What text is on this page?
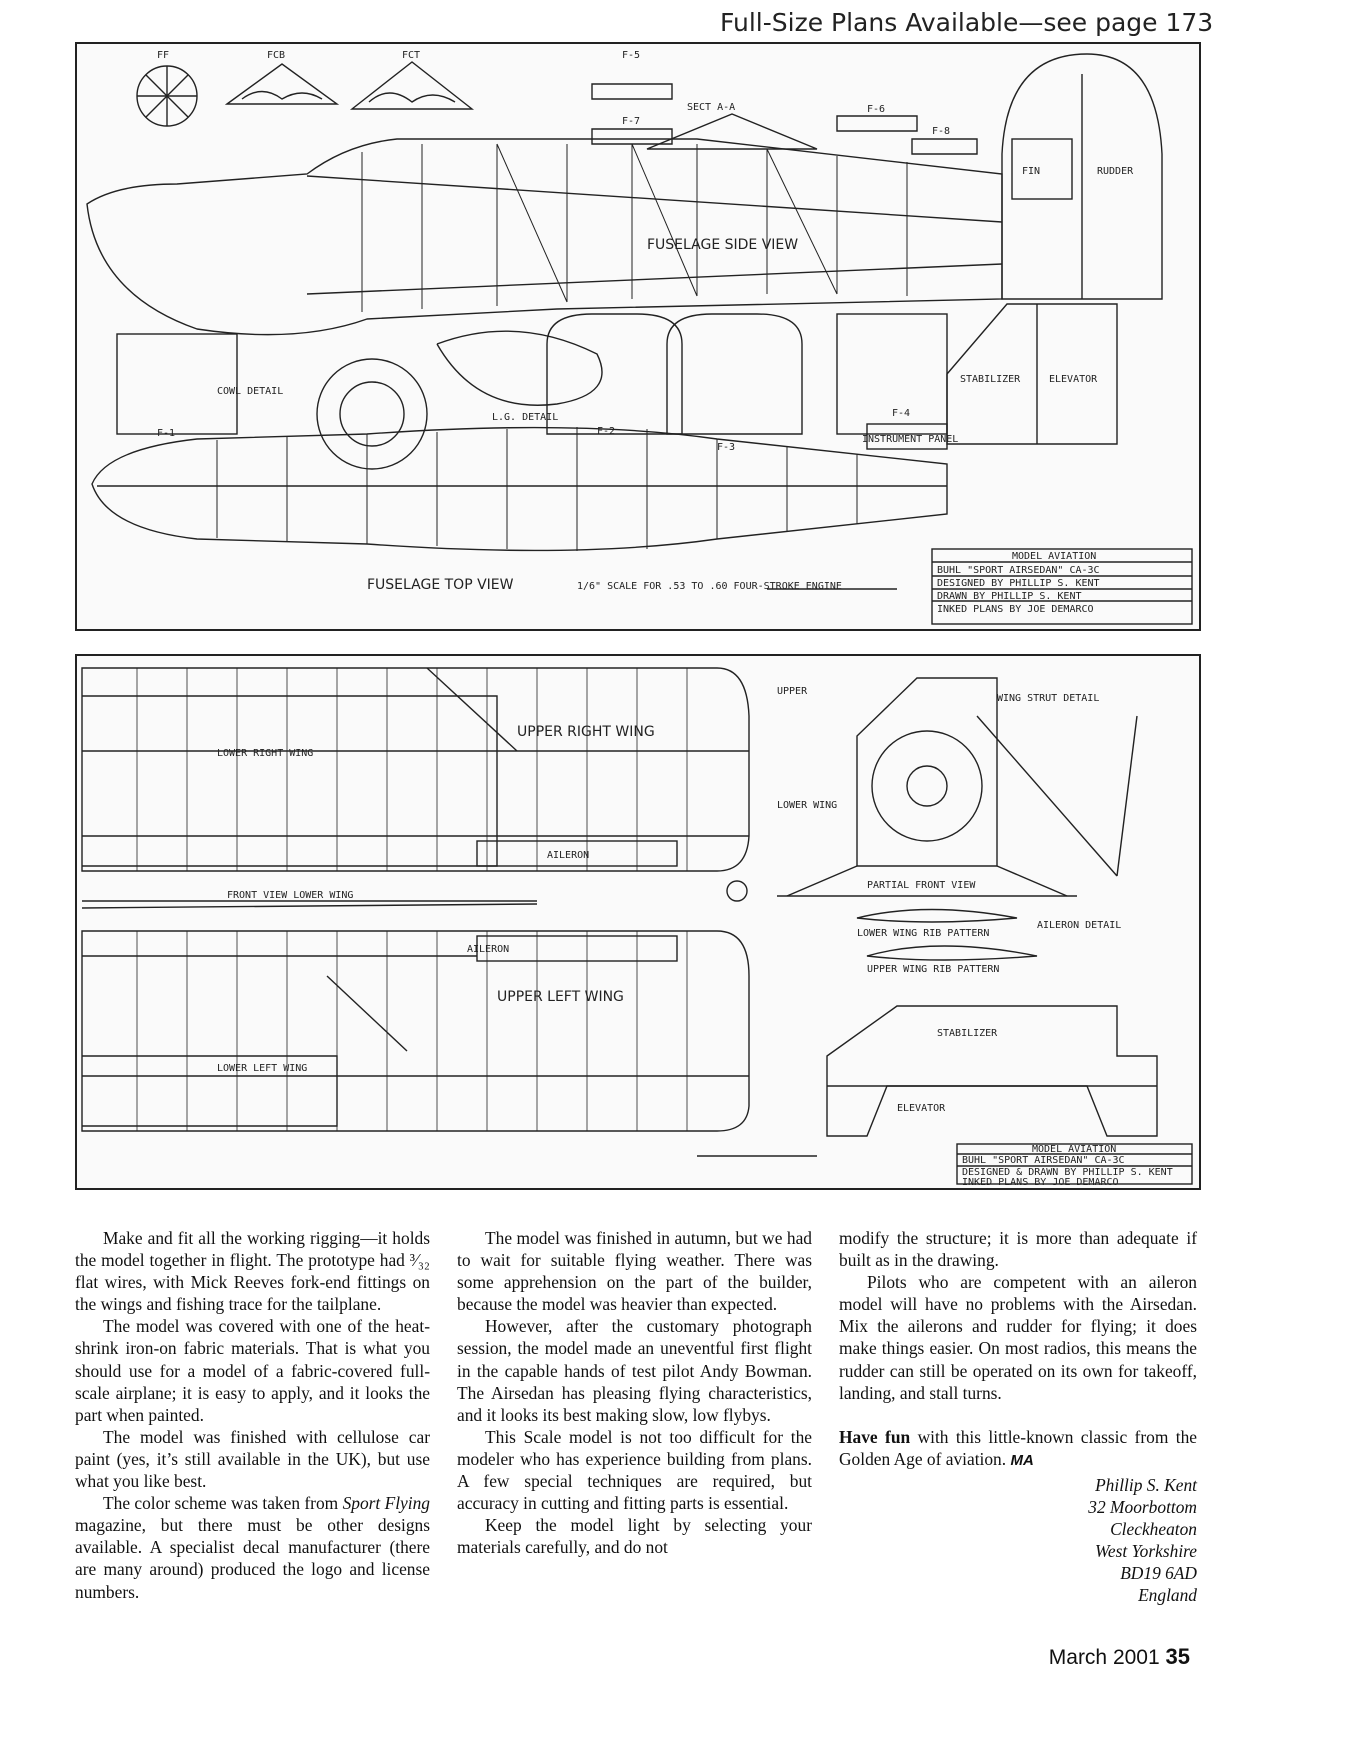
Full-Size Plans Available—see page 173
FF	FCB	FCT	F-5
F-7
F-6
F-8
SECT A-A
FIN	RUDDER
FUSELAGE SIDE VIEW
COWL DETAIL
L.G. DETAIL
F-1	F-2
F-3
F-4
INSTRUMENT PANEL
STABILIZER	ELEVATOR
FUSELAGE TOP VIEW	1/6" SCALE FOR .53 TO .60 FOUR-STROKE ENGINE
MODEL AVIATION
BUHL "SPORT AIRSEDAN" CA-3C
DESIGNED BY PHILLIP S. KENT
DRAWN BY PHILLIP S. KENT
INKED PLANS BY JOE DEMARCO
UPPER RIGHT WING
LOWER RIGHT WING
AILERON
FRONT VIEW LOWER WING
AILERON
UPPER LEFT WING
LOWER LEFT WING
UPPER
WING STRUT DETAIL
LOWER WING
PARTIAL FRONT VIEW
LOWER WING RIB PATTERN
UPPER WING RIB PATTERN
AILERON DETAIL
STABILIZER
ELEVATOR
MODEL AVIATION
BUHL "SPORT AIRSEDAN" CA-3C
DESIGNED & DRAWN BY PHILLIP S. KENT
INKED PLANS BY JOE DEMARCO

Make and fit all the working rigging—it holds the model together in flight. The prototype had ³⁄₃₂ flat wires, with Mick Reeves fork-end fittings on the wings and fishing trace for the tailplane.

The model was covered with one of the heat-shrink iron-on fabric materials. That is what you should use for a model of a fabric-covered full-scale airplane; it is easy to apply, and it looks the part when painted.

The model was finished with cellulose car paint (yes, it’s still available in the UK), but use what you like best.

The color scheme was taken from Sport Flying magazine, but there must be other designs available. A specialist decal manufacturer (there are many around) produced the logo and license numbers.

The model was finished in autumn, but we had to wait for suitable flying weather. There was some apprehension on the part of the builder, because the model was heavier than expected.

However, after the customary photograph session, the model made an uneventful first flight in the capable hands of test pilot Andy Bowman. The Airsedan has pleasing flying characteristics, and it looks its best making slow, low flybys.

This Scale model is not too difficult for the modeler who has experience building from plans. A few special techniques are required, but accuracy in cutting and fitting parts is essential.

Keep the model light by selecting your materials carefully, and do not

modify the structure; it is more than adequate if built as in the drawing.

Pilots who are competent with an aileron model will have no problems with the Airsedan. Mix the ailerons and rudder for flying; it does make things easier. On most radios, this means the rudder can still be operated on its own for takeoff, landing, and stall turns.

Have fun with this little-known classic from the Golden Age of aviation. MA

Phillip S. Kent
32 Moorbottom
Cleckheaton
West Yorkshire
BD19 6AD
England
March 2001 35
